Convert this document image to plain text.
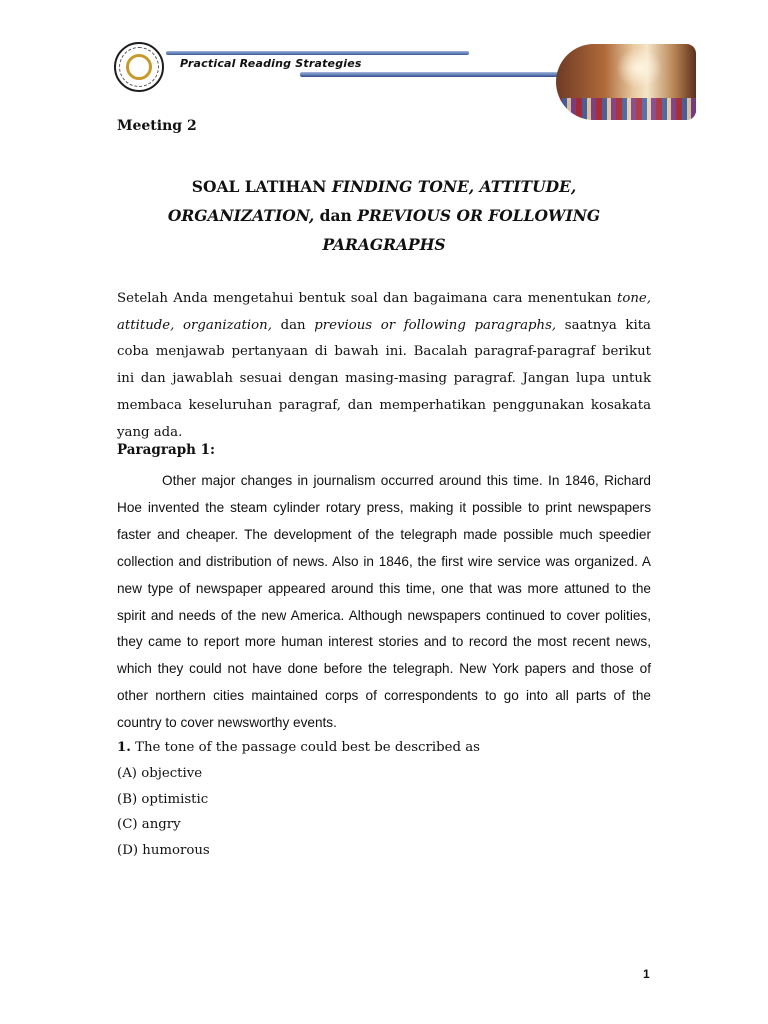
Practical Reading Strategies
Meeting 2
SOAL LATIHAN FINDING TONE, ATTITUDE,
ORGANIZATION, dan PREVIOUS OR FOLLOWING
PARAGRAPHS
Setelah Anda mengetahui bentuk soal dan bagaimana cara menentukan tone, attitude, organization, dan previous or following paragraphs, saatnya kita coba menjawab pertanyaan di bawah ini. Bacalah paragraf-paragraf berikut ini dan jawablah sesuai dengan masing-masing paragraf. Jangan lupa untuk membaca keseluruhan paragraf, dan memperhatikan penggunakan kosakata yang ada.
Paragraph 1:
Other major changes in journalism occurred around this time. In 1846, Richard Hoe invented the steam cylinder rotary press, making it possible to print newspapers faster and cheaper. The development of the telegraph made possible much speedier collection and distribution of news. Also in 1846, the first wire service was organized. A new type of newspaper appeared around this time, one that was more attuned to the spirit and needs of the new America. Although newspapers continued to cover polities, they came to report more human interest stories and to record the most recent news, which they could not have done before the telegraph. New York papers and those of other northern cities maintained corps of correspondents to go into all parts of the country to cover newsworthy events.
1. The tone of the passage could best be described as
(A) objective
(B) optimistic
(C) angry
(D) humorous
1
